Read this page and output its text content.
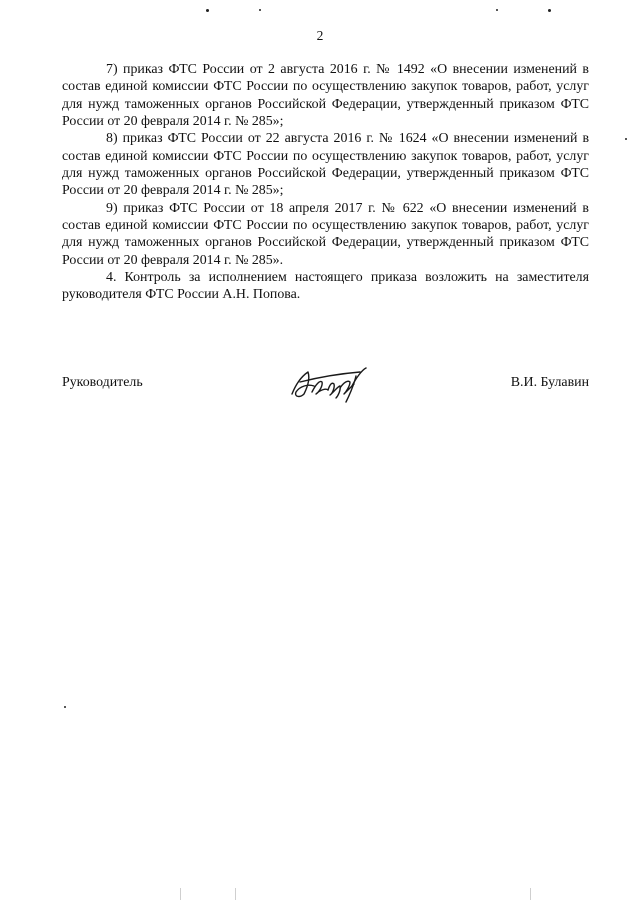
2

7) приказ ФТС России от 2 августа 2016 г. № 1492 «О внесении изменений в состав единой комиссии ФТС России по осуществлению закупок товаров, работ, услуг для нужд таможенных органов Российской Федерации, утвержденный приказом ФТС России от 20 февраля 2014 г. № 285»;

8) приказ ФТС России от 22 августа 2016 г. № 1624 «О внесении изменений в состав единой комиссии ФТС России по осуществлению закупок товаров, работ, услуг для нужд таможенных органов Российской Федерации, утвержденный приказом ФТС России от 20 февраля 2014 г. № 285»;

9) приказ ФТС России от 18 апреля 2017 г. № 622 «О внесении изменений в состав единой комиссии ФТС России по осуществлению закупок товаров, работ, услуг для нужд таможенных органов Российской Федерации, утвержденный приказом ФТС России от 20 февраля 2014 г. № 285».

4. Контроль за исполнением настоящего приказа возложить на заместителя руководителя ФТС России А.Н. Попова.

Руководитель	В.И. Булавин
